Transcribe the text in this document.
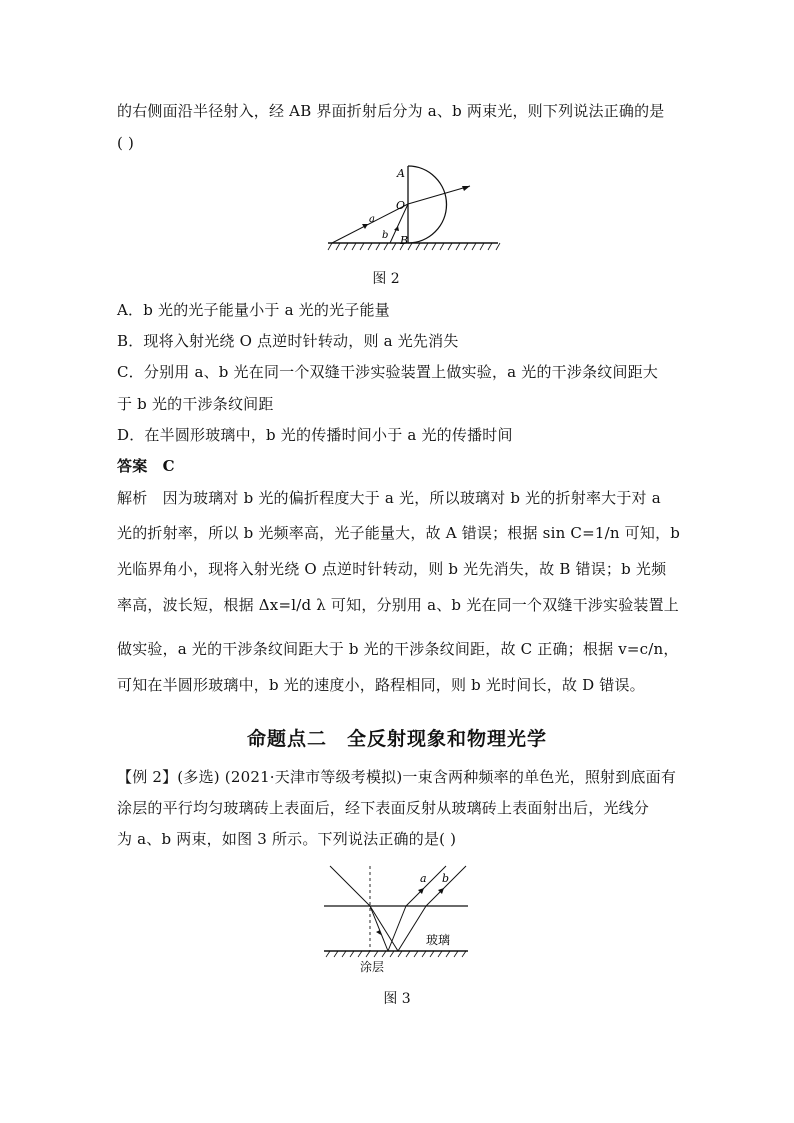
的右侧面沿半径射入，经 AB 界面折射后分为 a、b 两束光，则下列说法正确的是
( )
A
O
B
a
b
图 2
A．b 光的光子能量小于 a 光的光子能量
B．现将入射光绕 O 点逆时针转动，则 a 光先消失
C．分别用 a、b 光在同一个双缝干涉实验装置上做实验，a 光的干涉条纹间距大
于 b 光的干涉条纹间距
D．在半圆形玻璃中，b 光的传播时间小于 a 光的传播时间
答案　C
解析　因为玻璃对 b 光的偏折程度大于 a 光，所以玻璃对 b 光的折射率大于对 a
光的折射率，所以 b 光频率高，光子能量大，故 A 错误；根据 sin C=1/n 可知，b
光临界角小，现将入射光绕 O 点逆时针转动，则 b 光先消失，故 B 错误；b 光频
率高，波长短，根据 Δx=l/d λ 可知，分别用 a、b 光在同一个双缝干涉实验装置上
做实验，a 光的干涉条纹间距大于 b 光的干涉条纹间距，故 C 正确；根据 v=c/n，
可知在半圆形玻璃中，b 光的速度小，路程相同，则 b 光时间长，故 D 错误。
命题点二　全反射现象和物理光学
【例 2】(多选) (2021·天津市等级考模拟)一束含两种频率的单色光，照射到底面有
涂层的平行均匀玻璃砖上表面后，经下表面反射从玻璃砖上表面射出后，光线分
为 a、b 两束，如图 3 所示。下列说法正确的是( )
a b
玻璃
涂层
图 3
